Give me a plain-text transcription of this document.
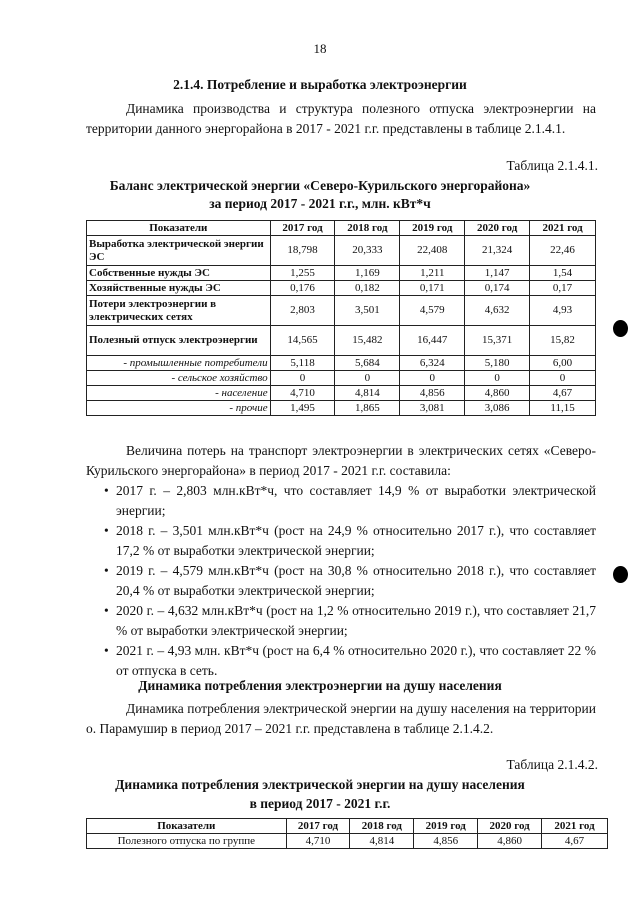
18
2.1.4. Потребление и выработка электроэнергии

Динамика производства и структура полезного отпуска электроэнергии на территории данного энергорайона в 2017 - 2021 г.г. представлены в таблице 2.1.4.1.

Таблица 2.1.4.1.
Баланс электрической энергии «Северо-Курильского энергорайона»
за период 2017 - 2021 г.г., млн. кВт*ч
Показатели	2017 год	2018 год	2019 год	2020 год	2021 год
Выработка электрической энергии ЭС	18,798	20,333	22,408	21,324	22,46
Собственные нужды ЭС	1,255	1,169	1,211	1,147	1,54
Хозяйственные нужды ЭС	0,176	0,182	0,171	0,174	0,17
Потери электроэнергии в электрических сетях	2,803	3,501	4,579	4,632	4,93
Полезный отпуск электроэнергии	14,565	15,482	16,447	15,371	15,82
- промышленные потребители	5,118	5,684	6,324	5,180	6,00
- сельское хозяйство	0	0	0	0	0
- население	4,710	4,814	4,856	4,860	4,67
- прочие	1,495	1,865	3,081	3,086	11,15

Величина потерь на транспорт электроэнергии в электрических сетях «Северо-Курильского энергорайона» в период 2017 - 2021 г.г. составила:

• 2017 г. – 2,803 млн.кВт*ч, что составляет 14,9 % от выработки электрической энергии;
• 2018 г. – 3,501 млн.кВт*ч (рост на 24,9 % относительно 2017 г.), что составляет 17,2 % от выработки электрической энергии;
• 2019 г. – 4,579 млн.кВт*ч (рост на 30,8 % относительно 2018 г.), что составляет 20,4 % от выработки электрической энергии;
• 2020 г. – 4,632 млн.кВт*ч (рост на 1,2 % относительно 2019 г.), что составляет 21,7 % от выработки электрической энергии;
• 2021 г. – 4,93 млн. кВт*ч (рост на 6,4 % относительно 2020 г.), что составляет 22 % от отпуска в сеть.
Динамика потребления электроэнергии на душу населения

Динамика потребления электрической энергии на душу населения на территории о. Парамушир в период 2017 – 2021 г.г. представлена в таблице 2.1.4.2.

Таблица 2.1.4.2.
Динамика потребления электрической энергии на душу населения
в период 2017 - 2021 г.г.
Показатели	2017 год	2018 год	2019 год	2020 год	2021 год
Полезного отпуска по группе	4,710	4,814	4,856	4,860	4,67
